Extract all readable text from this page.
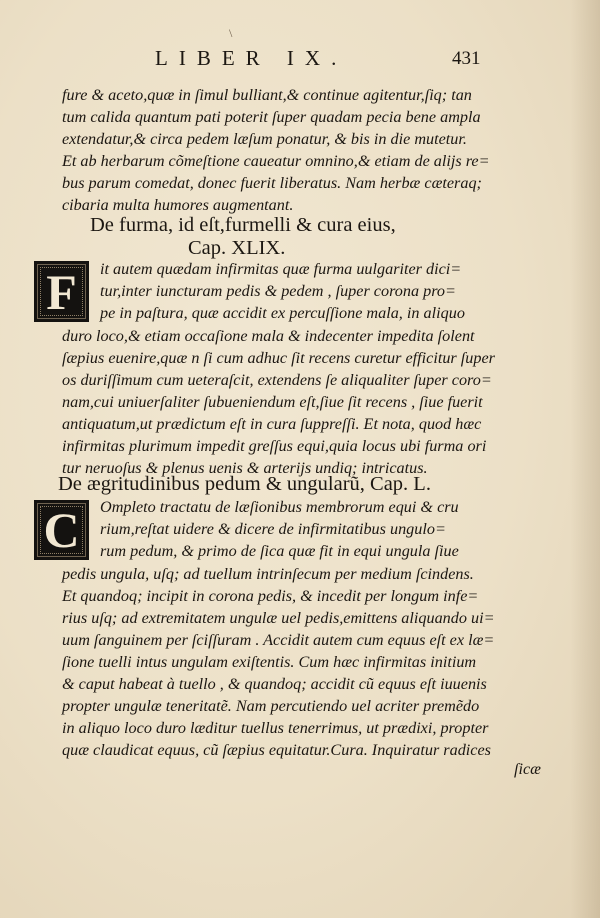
\
LIBER IX.	431
fure & aceto,quæ in ſimul bulliant,& continue agitentur,ſiq; tan
tum calida quantum pati poterit ſuper quadam pecia bene ampla
extendatur,& circa pedem læſum ponatur, & bis in die mutetur.
Et ab herbarum cõmeſtione caueatur omnino,& etiam de alijs re=
bus parum comedat, donec fuerit liberatus. Nam herbæ cæteraq;
cibaria multa humores augmentant.
De furma, id eſt,furmelli & cura eius,
Cap. XLIX.
F it autem quædam infirmitas quæ furma uulgariter dici=
tur,inter iuncturam pedis & pedem , ſuper corona pro=
pe in paſtura, quæ accidit ex percuſſione mala, in aliquo
duro loco,& etiam occaſione mala & indecenter impedita ſolent
ſæpius euenire,quæ n ſi cum adhuc ſit recens curetur efficitur ſuper
os duriſſimum cum ueteraſcit, extendens ſe aliqualiter ſuper coro=
nam,cui uniuerſaliter ſubueniendum eſt,ſiue ſit recens , ſiue fuerit
antiquatum,ut prædictum eſt in cura ſuppreſſi. Et nota, quod hæc
infirmitas plurimum impedit greſſus equi,quia locus ubi furma ori
tur neruoſus & plenus uenis & arterijs undiq; intricatus.
De ægritudinibus pedum & ungularũ, Cap. L.
C Ompleto tractatu de læſionibus membrorum equi & cru
rium,reſtat uidere & dicere de infirmitatibus ungulo=
rum pedum, & primo de ſica quæ fit in equi ungula ſiue
pedis ungula, uſq; ad tuellum intrinſecum per medium ſcindens.
Et quandoq; incipit in corona pedis, & incedit per longum infe=
rius uſq; ad extremitatem ungulæ uel pedis,emittens aliquando ui=
uum ſanguinem per ſciſſuram . Accidit autem cum equus eſt ex læ=
ſione tuelli intus ungulam exiſtentis. Cum hæc infirmitas initium
& caput habeat à tuello , & quandoq; accidit cũ equus eſt iuuenis
propter ungulæ teneritatẽ. Nam percutiendo uel acriter premẽdo
in aliquo loco duro læditur tuellus tenerrimus, ut prædixi, propter
quæ claudicat equus, cũ ſæpius equitatur.Cura. Inquiratur radices
ſicæ
